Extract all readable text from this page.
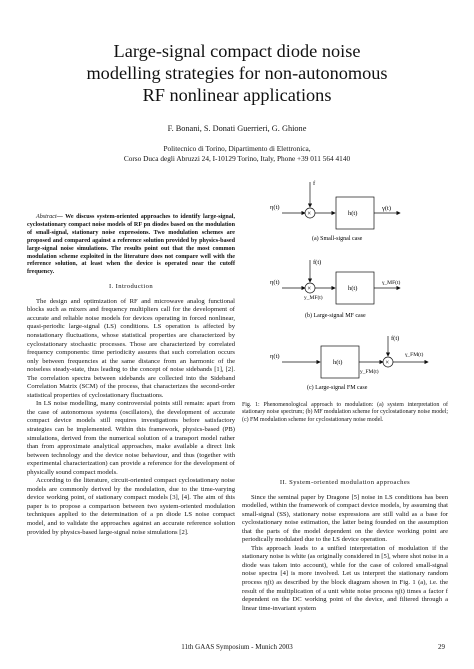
Large-signal compact diode noise
modelling strategies for non-autonomous
RF nonlinear applications
F. Bonani, S. Donati Guerrieri, G. Ghione
Politecnico di Torino, Dipartimento di Elettronica,
Corso Duca degli Abruzzi 24, I-10129 Torino, Italy, Phone +39 011 564 4140

Abstract— We discuss system-oriented approaches to identify large-signal, cyclostationary compact noise models of RF pn diodes based on the modulation of small-signal, stationary noise expressions. Two modulation schemes are proposed and compared against a reference solution provided by physics-based large-signal noise simulations. The results point out that the most common modulation scheme exploited in the literature does not compare well with the reference solution, at least when the device is operated near the cutoff frequency.

I. Introduction

The design and optimization of RF and microwave analog functional blocks such as mixers and frequency multipliers call for the development of accurate and reliable noise models for devices operating in forced nonlinear, quasi-periodic large-signal (LS) conditions. LS operation is affected by nonstationary fluctuations, whose statistical properties are characterized by cyclostationary stochastic processes. Those are characterized by correlated frequency components: time periodicity assures that such correlation occurs only between frequencies at the same distance from an harmonic of the noiseless steady-state, thus leading to the concept of noise sidebands [1], [2]. The correlation spectra between sidebands are collected into the Sideband Correlation Matrix (SCM) of the process, that characterizes the second-order statistical properties of cyclostationary fluctuations.

In LS noise modelling, many controversial points still remain: apart from the case of autonomous systems (oscillators), the development of accurate compact device models still requires investigations before satisfactory strategies can be implemented. Within this framework, physics-based (PB) simulations, derived from the numerical solution of a transport model rather than from approximate analytical approaches, make available a direct link between technology and the device noise behaviour, and thus (together with experimental characterization) can provide a reference for the development of physically sound compact models.

According to the literature, circuit-oriented compact cyclostationary noise models are commonly derived by the modulation, due to the time-varying device working point, of stationary compact models [3], [4]. The aim of this paper is to propose a comparison between two system-oriented modulation techniques applied to the determination of a pn diode LS noise compact model, and to validate the approaches against an accurate reference solution provided by physics-based large-signal noise simulations [2].

η(t)
×
f
h(t)
γ(t)
(a) Small-signal case
η(t)
×
f(t)
y_MF(t)
h(t)
γ_MF(t)
(b) Large-signal MF case
η(t)
h(t)
y_FM(t)
×
f(t)
γ_FM(t)
(c) Large-signal FM case
Fig. 1: Phenomenological approach to modulation: (a) system interpretation of stationary noise spectrum; (b) MF modulation scheme for cyclostationary noise model; (c) FM modulation scheme for cyclostationary noise model.

II. System-oriented modulation approaches

Since the seminal paper by Dragone [5] noise in LS conditions has been modelled, within the framework of compact device models, by assuming that small-signal (SS), stationary noise expressions are still valid as a base for cyclostationary noise estimation, the latter being founded on the assumption that the parts of the model dependent on the device working point are periodically modulated due to the LS device operation.

This approach leads to a unified interpretation of modulation if the stationary noise is white (as originally considered in [5], where shot noise in a diode was taken into account), while for the case of colored small-signal noise spectra [4] is more involved. Let us interpret the stationary random process η(t) as described by the block diagram shown in Fig. 1 (a), i.e. the result of the multiplication of a unit white noise process η(t) times a factor f dependent on the DC working point of the device, and filtered through a linear time-invariant system

11th GAAS Symposium - Munich 2003	29
